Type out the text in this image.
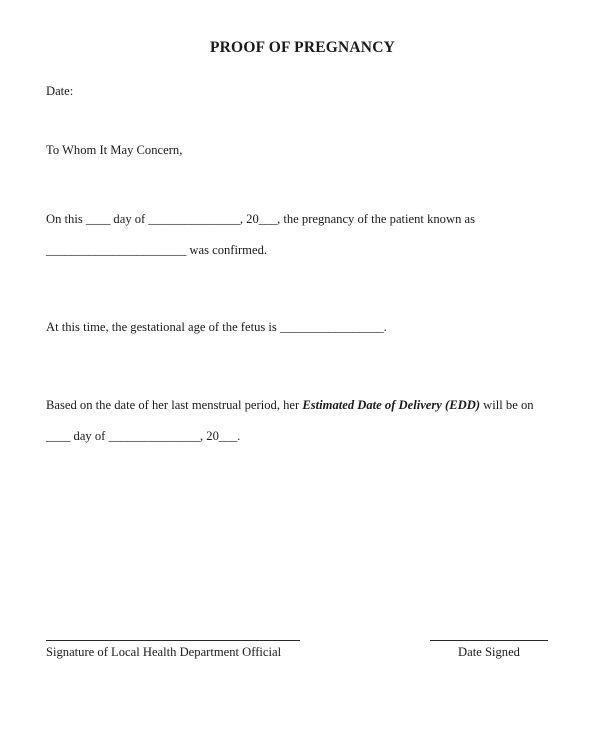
PROOF OF PREGNANCY
Date:
To Whom It May Concern,
On this ____ day of _______________, 20___, the pregnancy of the patient known as
_______________________ was confirmed.
At this time, the gestational age of the fetus is _________________.
Based on the date of her last menstrual period, her Estimated Date of Delivery (EDD) will be on
____ day of _______________, 20___.
Signature of Local Health Department Official	Date Signed
